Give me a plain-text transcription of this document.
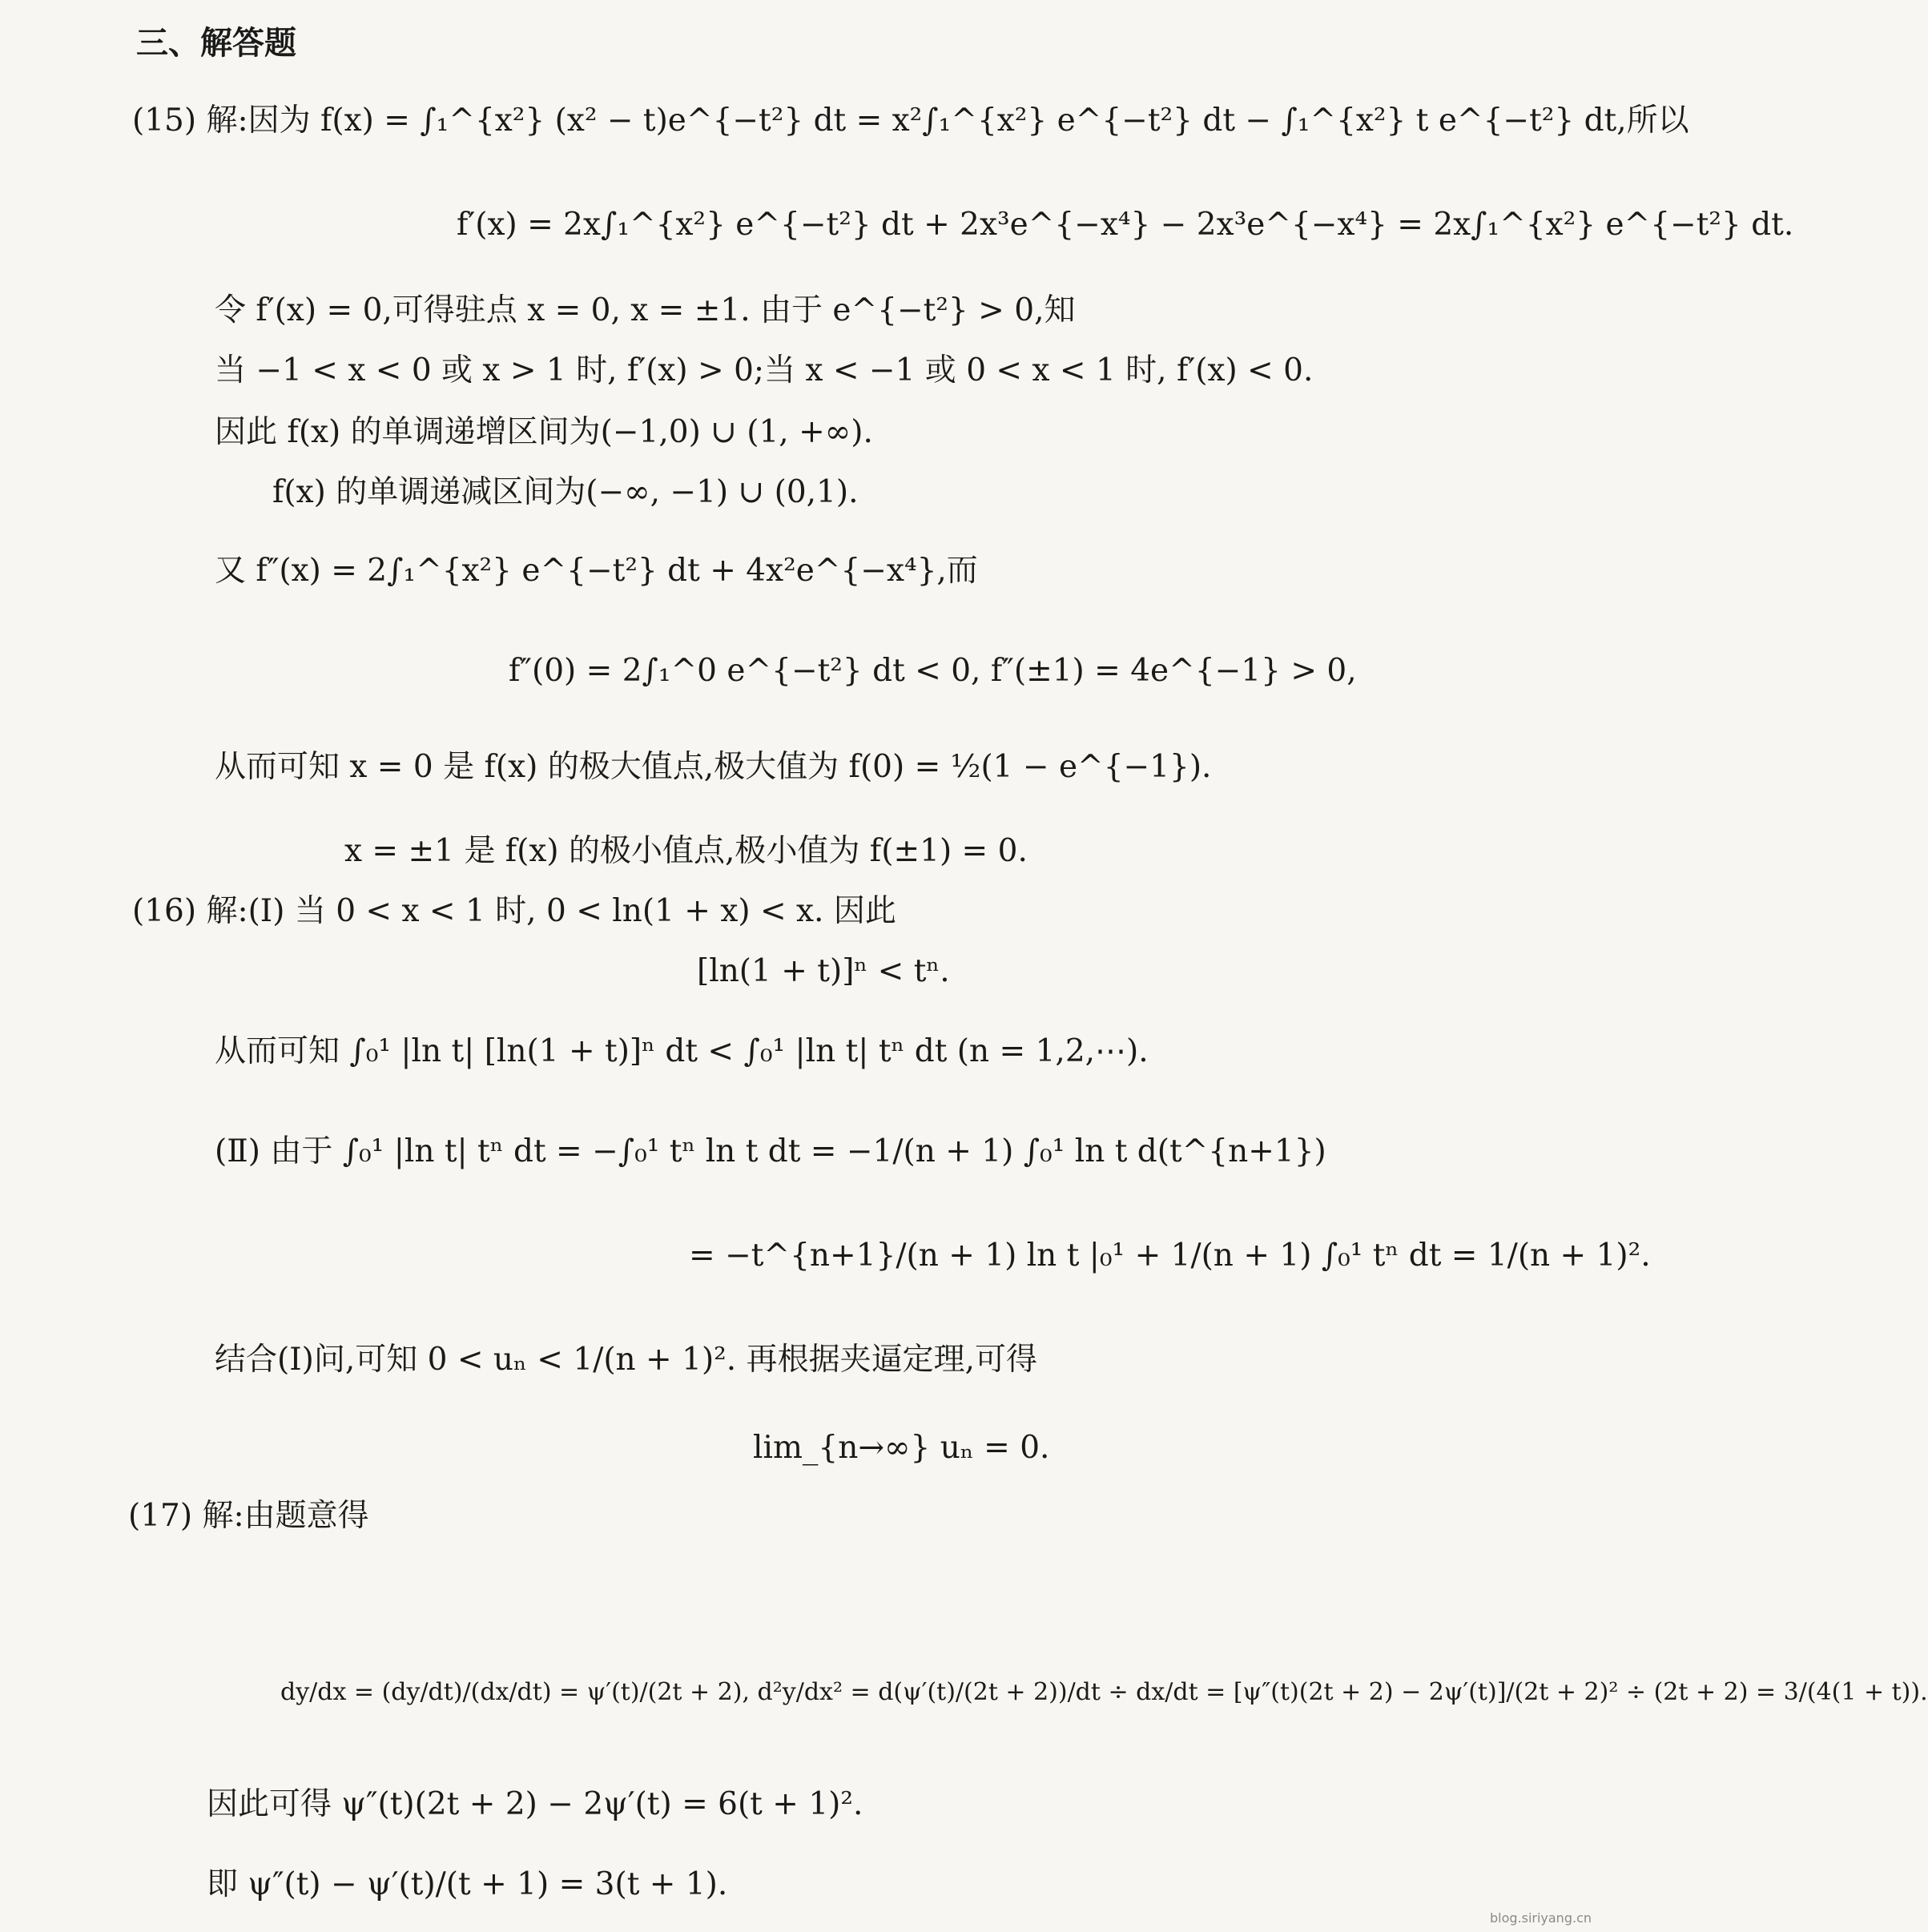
三、解答题
(15) 解:因为 f(x) = ∫₁^{x²} (x² − t)e^{−t²} dt = x²∫₁^{x²} e^{−t²} dt − ∫₁^{x²} t e^{−t²} dt,所以
f′(x) = 2x∫₁^{x²} e^{−t²} dt + 2x³e^{−x⁴} − 2x³e^{−x⁴} = 2x∫₁^{x²} e^{−t²} dt.
令 f′(x) = 0,可得驻点 x = 0, x = ±1. 由于 e^{−t²} > 0,知
当 −1 < x < 0 或 x > 1 时, f′(x) > 0;当 x < −1 或 0 < x < 1 时, f′(x) < 0.
因此 f(x) 的单调递增区间为(−1,0) ∪ (1, +∞).
f(x) 的单调递减区间为(−∞, −1) ∪ (0,1).
又 f″(x) = 2∫₁^{x²} e^{−t²} dt + 4x²e^{−x⁴},而
f″(0) = 2∫₁^0 e^{−t²} dt < 0, f″(±1) = 4e^{−1} > 0,
从而可知 x = 0 是 f(x) 的极大值点,极大值为 f(0) = ½(1 − e^{−1}).
x = ±1 是 f(x) 的极小值点,极小值为 f(±1) = 0.
(16) 解:(Ⅰ) 当 0 < x < 1 时, 0 < ln(1 + x) < x. 因此
[ln(1 + t)]ⁿ < tⁿ.
从而可知 ∫₀¹ |ln t| [ln(1 + t)]ⁿ dt < ∫₀¹ |ln t| tⁿ dt (n = 1,2,⋯).
(Ⅱ) 由于 ∫₀¹ |ln t| tⁿ dt = −∫₀¹ tⁿ ln t dt = −1/(n + 1) ∫₀¹ ln t d(t^{n+1})
= −t^{n+1}/(n + 1) ln t |₀¹ + 1/(n + 1) ∫₀¹ tⁿ dt = 1/(n + 1)².
结合(Ⅰ)问,可知 0 < uₙ < 1/(n + 1)². 再根据夹逼定理,可得
lim_{n→∞} uₙ = 0.
(17) 解:由题意得
dy/dx = (dy/dt)/(dx/dt) = ψ′(t)/(2t + 2), d²y/dx² = d(ψ′(t)/(2t + 2))/dt ÷ dx/dt = [ψ″(t)(2t + 2) − 2ψ′(t)]/(2t + 2)² ÷ (2t + 2) = 3/(4(1 + t)).
因此可得 ψ″(t)(2t + 2) − 2ψ′(t) = 6(t + 1)².
即 ψ″(t) − ψ′(t)/(t + 1) = 3(t + 1).
blog.siriyang.cn
